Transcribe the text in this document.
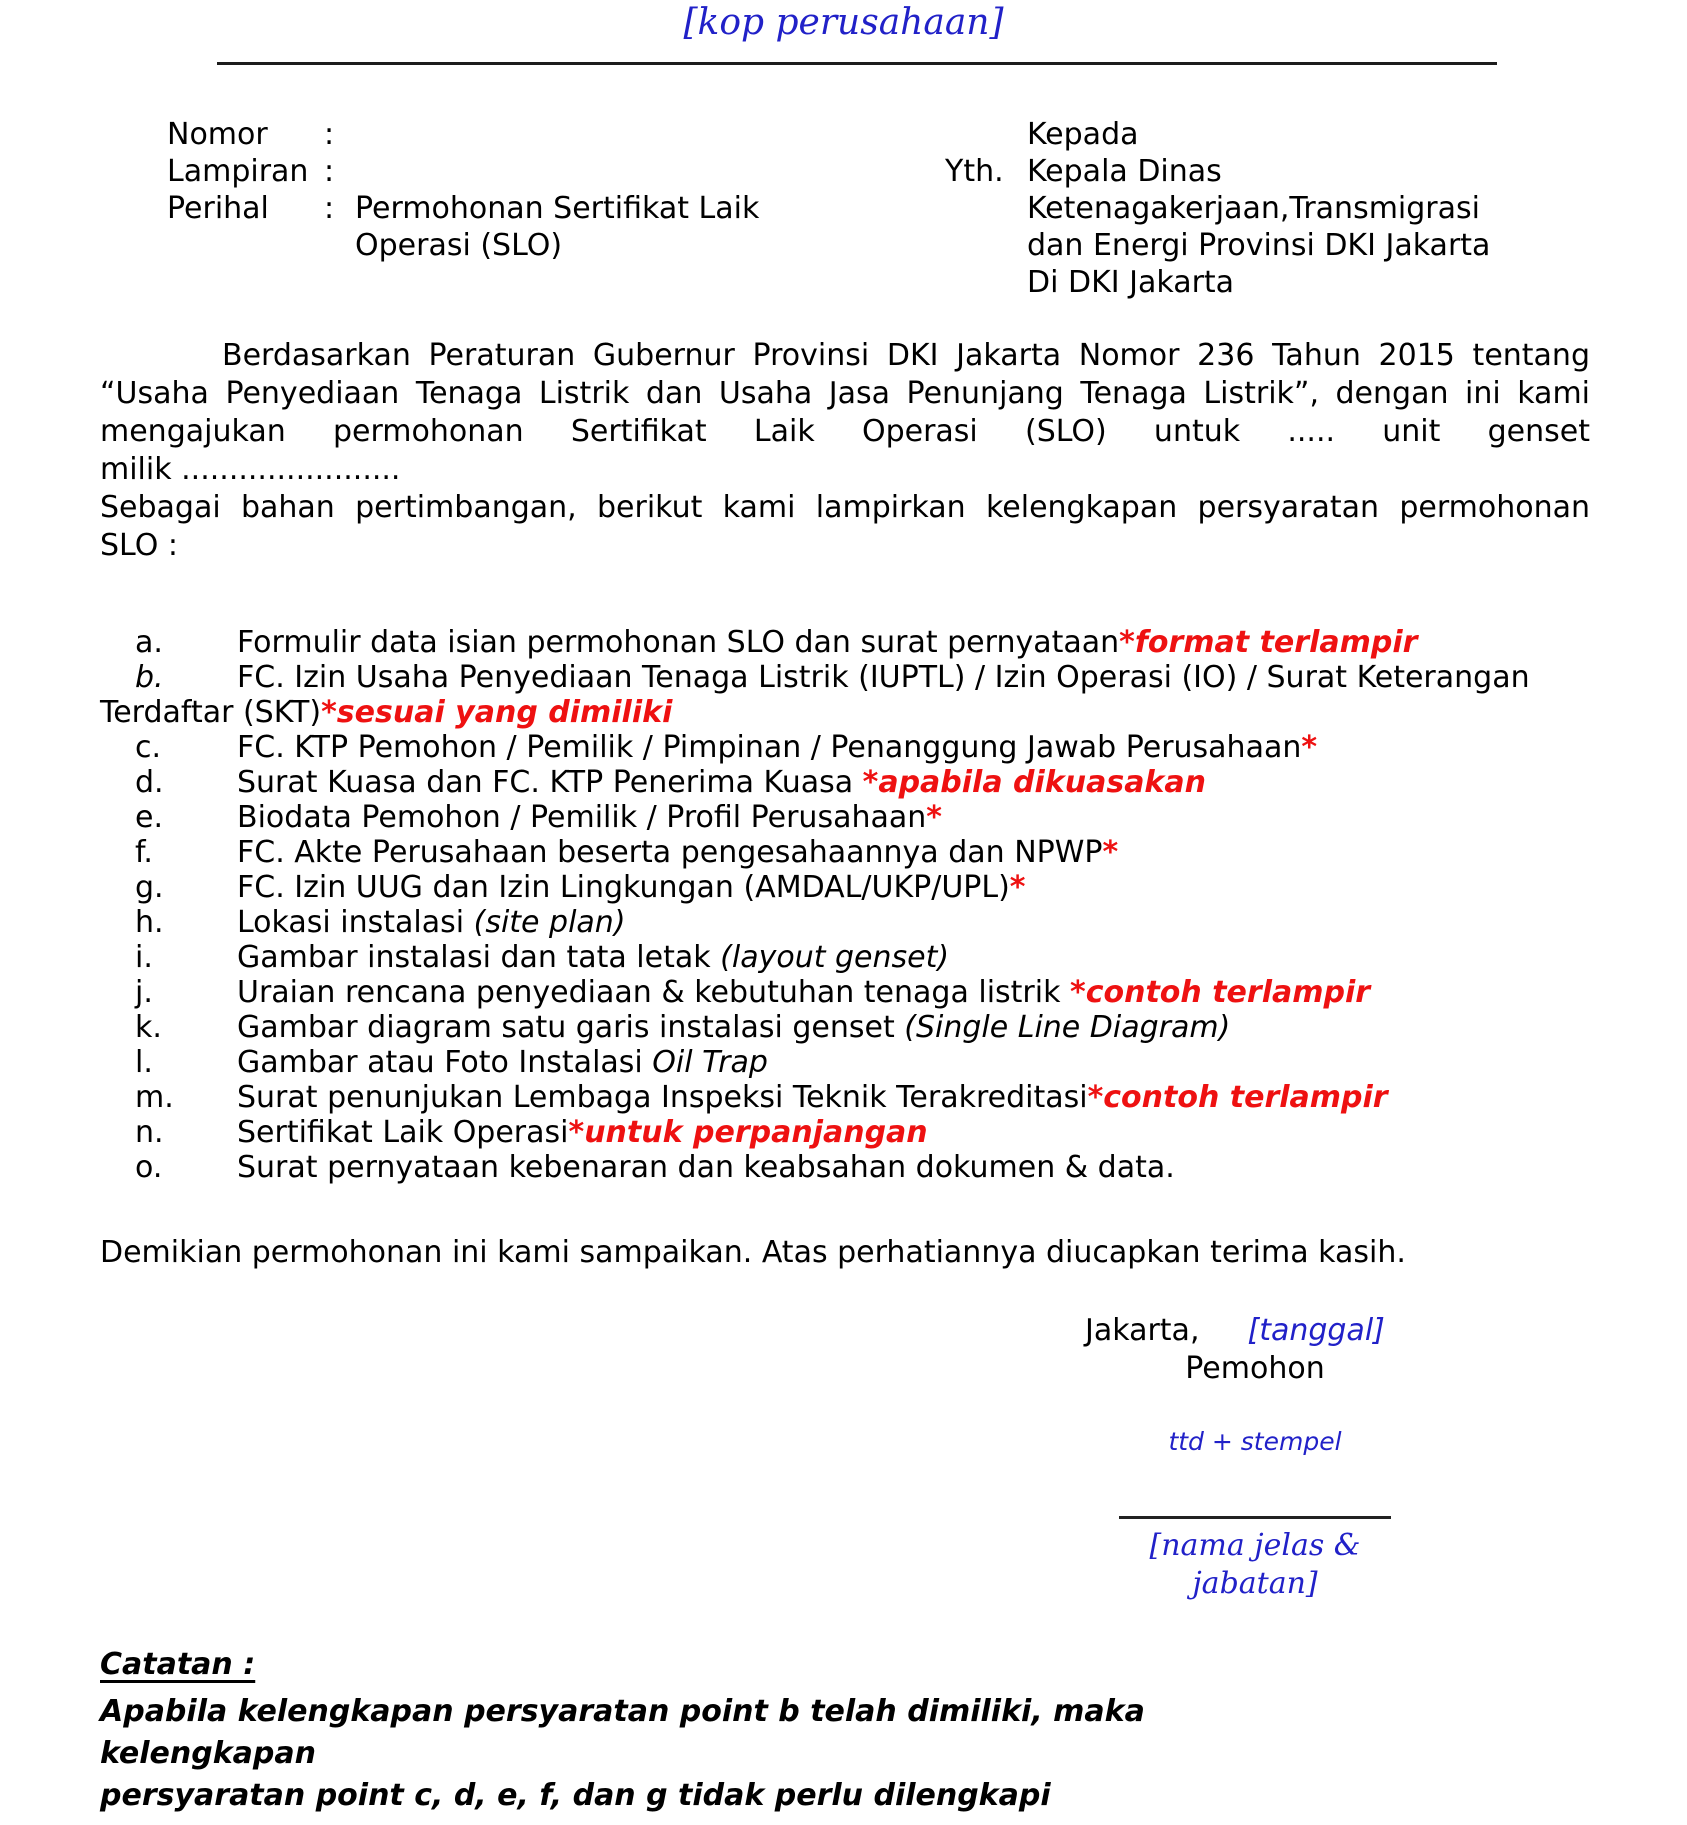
[kop perusahaan]
Nomor :
Lampiran :
Perihal : Permohonan Sertifikat Laik
Operasi (SLO)
Kepada
Yth. Kepala Dinas
Ketenagakerjaan,Transmigrasi
dan Energi Provinsi DKI Jakarta
Di DKI Jakarta
Berdasarkan Peraturan Gubernur Provinsi DKI Jakarta Nomor 236 Tahun 2015 tentang
“Usaha Penyediaan Tenaga Listrik dan Usaha Jasa Penunjang Tenaga Listrik”, dengan ini kami
mengajukan permohonan Sertifikat Laik Operasi (SLO) untuk ..... unit genset
milik .......................
Sebagai bahan pertimbangan, berikut kami lampirkan kelengkapan persyaratan permohonan
SLO :
a. Formulir data isian permohonan SLO dan surat pernyataan*format terlampir
b. FC. Izin Usaha Penyediaan Tenaga Listrik (IUPTL) / Izin Operasi (IO) / Surat Keterangan
Terdaftar (SKT)*sesuai yang dimiliki
c.	FC. KTP Pemohon / Pemilik / Pimpinan / Penanggung Jawab Perusahaan*
d. Surat Kuasa dan FC. KTP Penerima Kuasa *apabila dikuasakan
e. Biodata Pemohon / Pemilik / Profil Perusahaan*
f.	FC. Akte Perusahaan beserta pengesahaannya dan NPWP*
g. FC. Izin UUG dan Izin Lingkungan (AMDAL/UKP/UPL)*
h. Lokasi instalasi (site plan)
i.	Gambar instalasi dan tata letak (layout genset)
j.	Uraian rencana penyediaan & kebutuhan tenaga listrik *contoh terlampir
k.	Gambar diagram satu garis instalasi genset (Single Line Diagram)
l.	Gambar atau Foto Instalasi Oil Trap
m. Surat penunjukan Lembaga Inspeksi Teknik Terakreditasi*contoh terlampir
n. Sertifikat Laik Operasi*untuk perpanjangan
o. Surat pernyataan kebenaran dan keabsahan dokumen & data.
Demikian permohonan ini kami sampaikan. Atas perhatiannya diucapkan terima kasih.
Jakarta, [tanggal]
Pemohon
ttd + stempel
[nama jelas & jabatan]
Catatan :
Apabila kelengkapan persyaratan point b telah dimiliki, maka kelengkapan
persyaratan point c, d, e, f, dan g tidak perlu dilengkapi
